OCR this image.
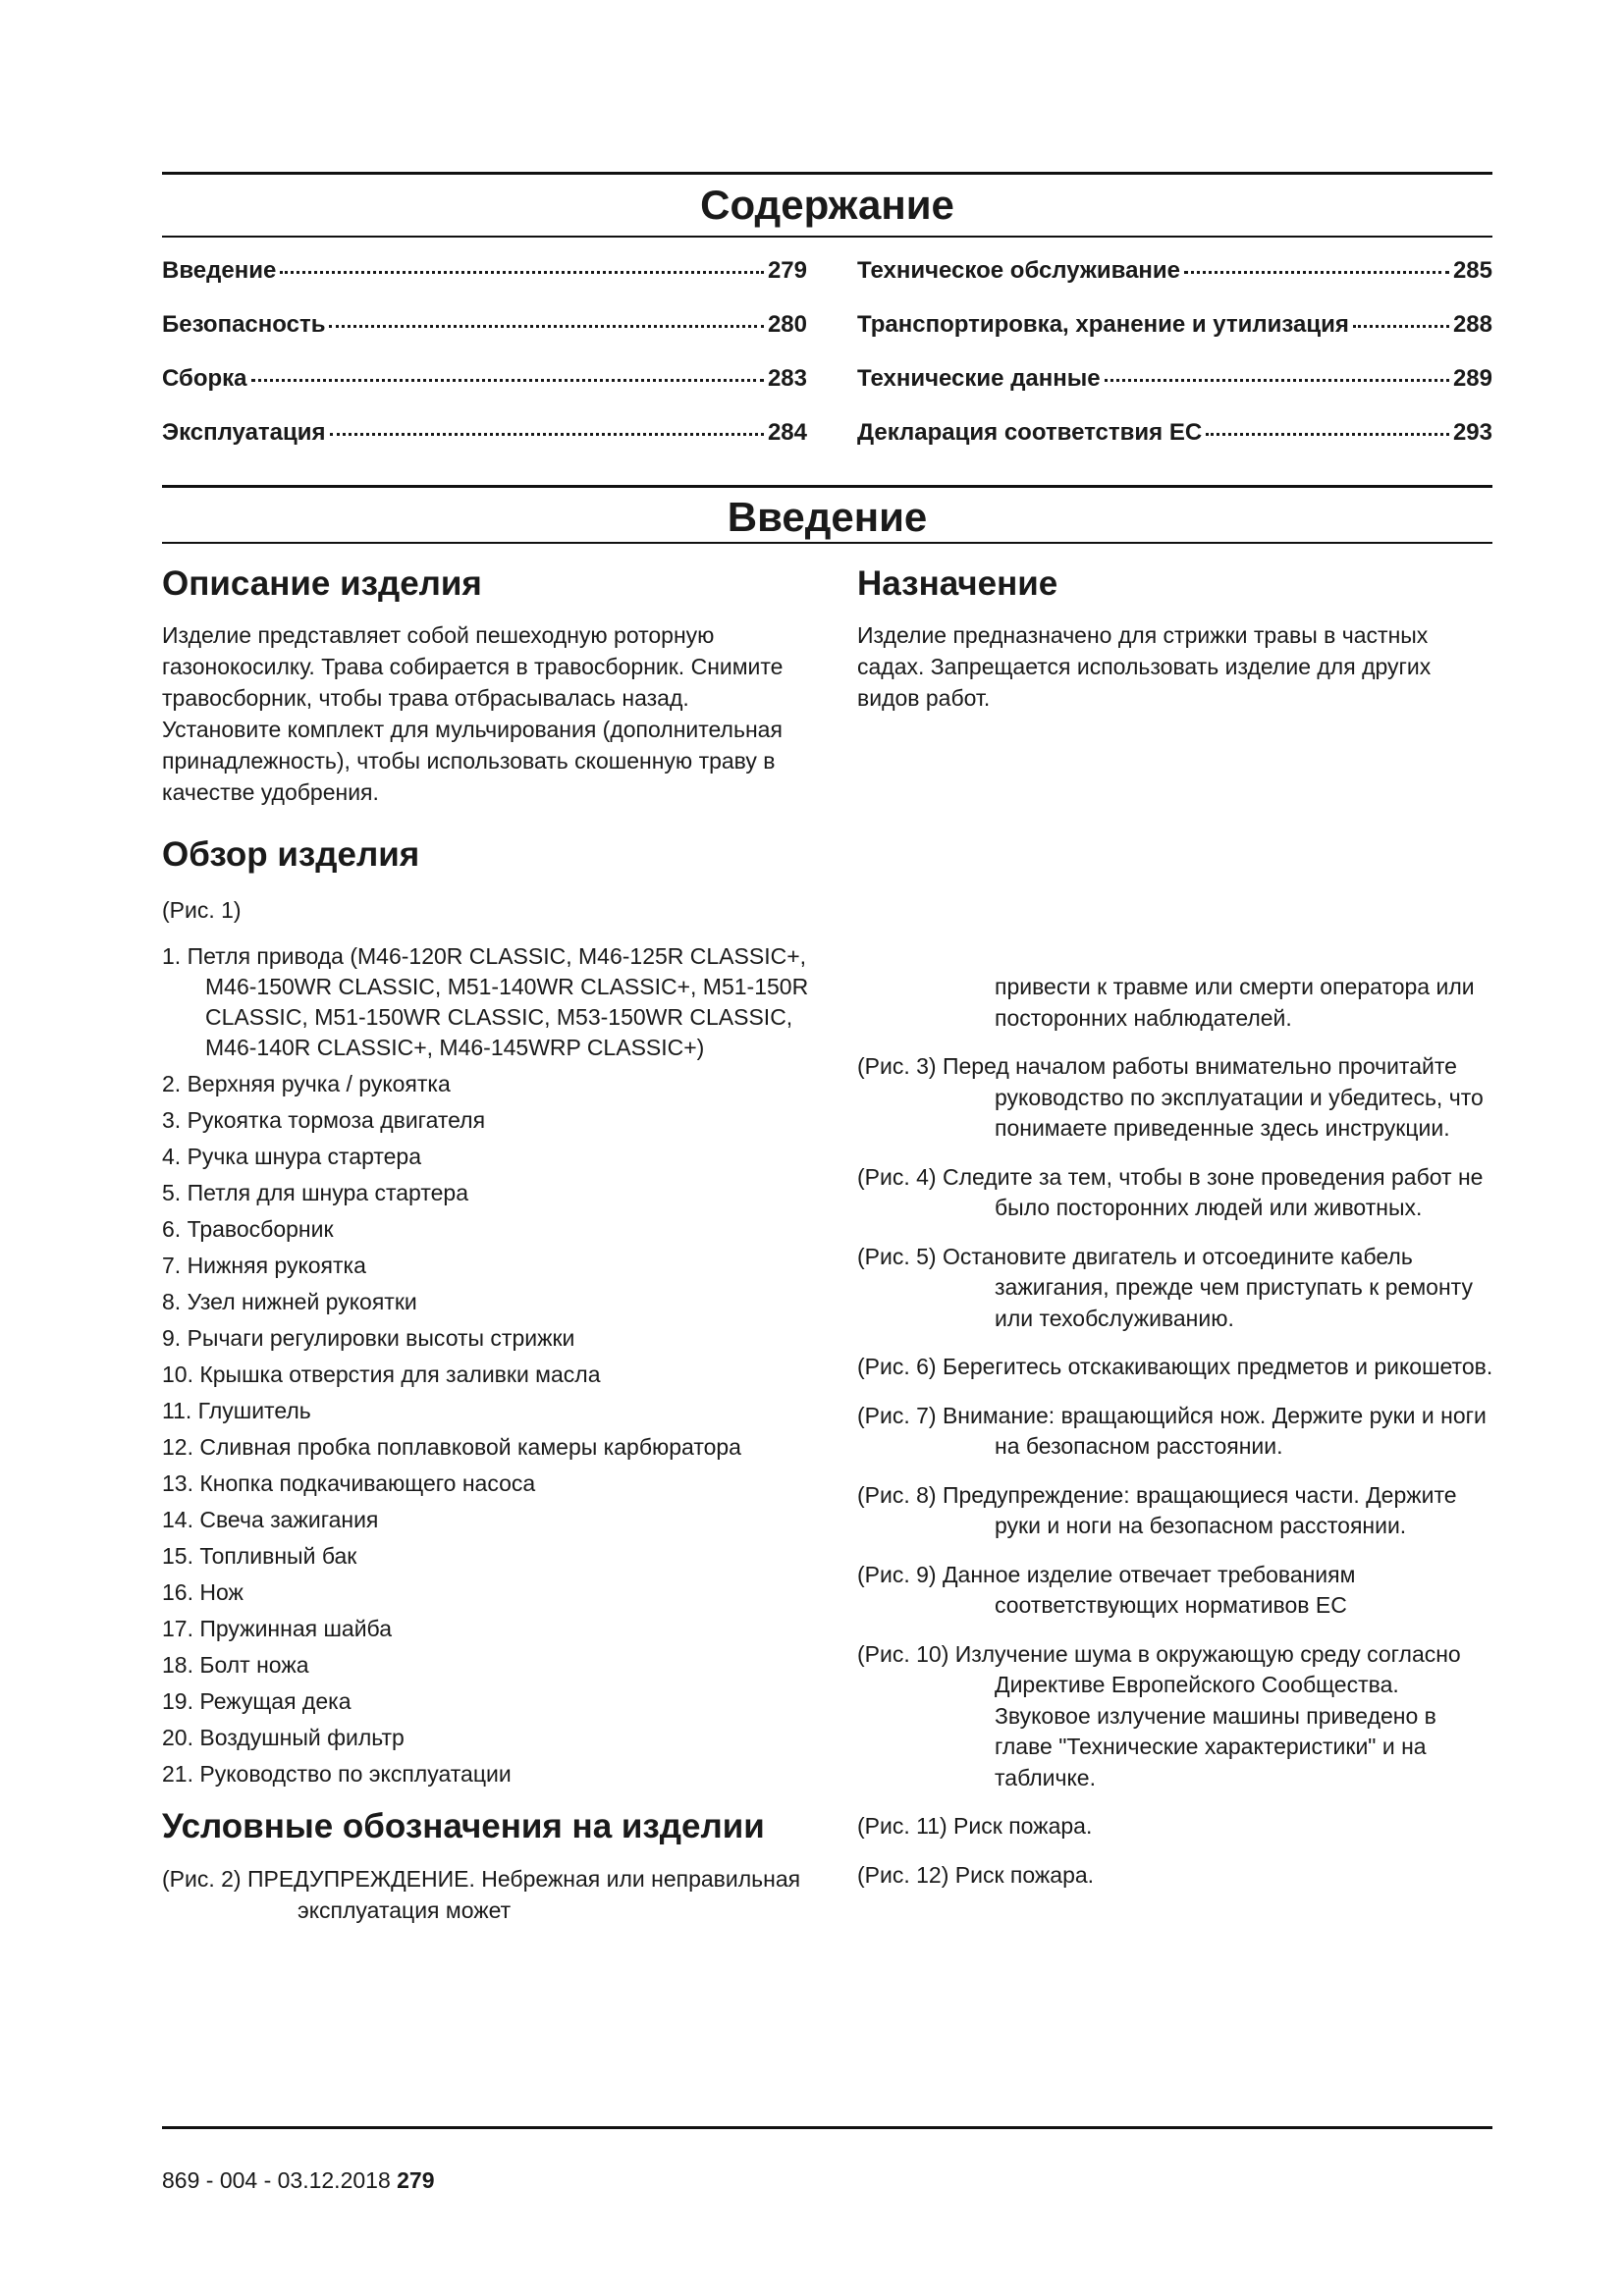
Содержание
Введение	279
Безопасность	280
Сборка	283
Эксплуатация	284
Техническое обслуживание	285
Транспортировка, хранение и утилизация	288
Технические данные	289
Декларация соответствия ЕС	293
Введение
Описание изделия

Изделие представляет собой пешеходную роторную газонокосилку. Трава собирается в травосборник. Снимите травосборник, чтобы трава отбрасывалась назад. Установите комплект для мульчирования (дополнительная принадлежность), чтобы использовать скошенную траву в качестве удобрения.

Обзор изделия

(Рис. 1)

1. Петля привода (M46-120R CLASSIC, M46-125R CLASSIC+, M46-150WR CLASSIC, M51-140WR CLASSIC+, M51-150R CLASSIC, M51-150WR CLASSIC, M53-150WR CLASSIC, M46-140R CLASSIC+, M46-145WRP CLASSIC+)
2. Верхняя ручка / рукоятка
3. Рукоятка тормоза двигателя
4. Ручка шнура стартера
5. Петля для шнура стартера
6. Травосборник
7. Нижняя рукоятка
8. Узел нижней рукоятки
9. Рычаги регулировки высоты стрижки
10. Крышка отверстия для заливки масла
11. Глушитель
12. Сливная пробка поплавковой камеры карбюратора
13. Кнопка подкачивающего насоса
14. Свеча зажигания
15. Топливный бак
16. Нож
17. Пружинная шайба
18. Болт ножа
19. Режущая дека
20. Воздушный фильтр
21. Руководство по эксплуатации
Условные обозначения на изделии

(Рис. 2) ПРЕДУПРЕЖДЕНИЕ. Небрежная или неправильная эксплуатация может

Назначение

Изделие предназначено для стрижки травы в частных садах. Запрещается использовать изделие для других видов работ.

привести к травме или смерти оператора или посторонних наблюдателей.

(Рис. 3) Перед началом работы внимательно прочитайте руководство по эксплуатации и убедитесь, что понимаете приведенные здесь инструкции.

(Рис. 4) Следите за тем, чтобы в зоне проведения работ не было посторонних людей или животных.

(Рис. 5) Остановите двигатель и отсоедините кабель зажигания, прежде чем приступать к ремонту или техобслуживанию.

(Рис. 6) Берегитесь отскакивающих предметов и рикошетов.

(Рис. 7) Внимание: вращающийся нож. Держите руки и ноги на безопасном расстоянии.

(Рис. 8) Предупреждение: вращающиеся части. Держите руки и ноги на безопасном расстоянии.

(Рис. 9) Данное изделие отвечает требованиям соответствующих нормативов ЕС

(Рис. 10) Излучение шума в окружающую среду согласно Директиве Европейского Сообщества. Звуковое излучение машины приведено в главе "Технические характеристики" и на табличке.

(Рис. 11) Риск пожара.

(Рис. 12) Риск пожара.

869 - 004 - 03.12.2018 279
